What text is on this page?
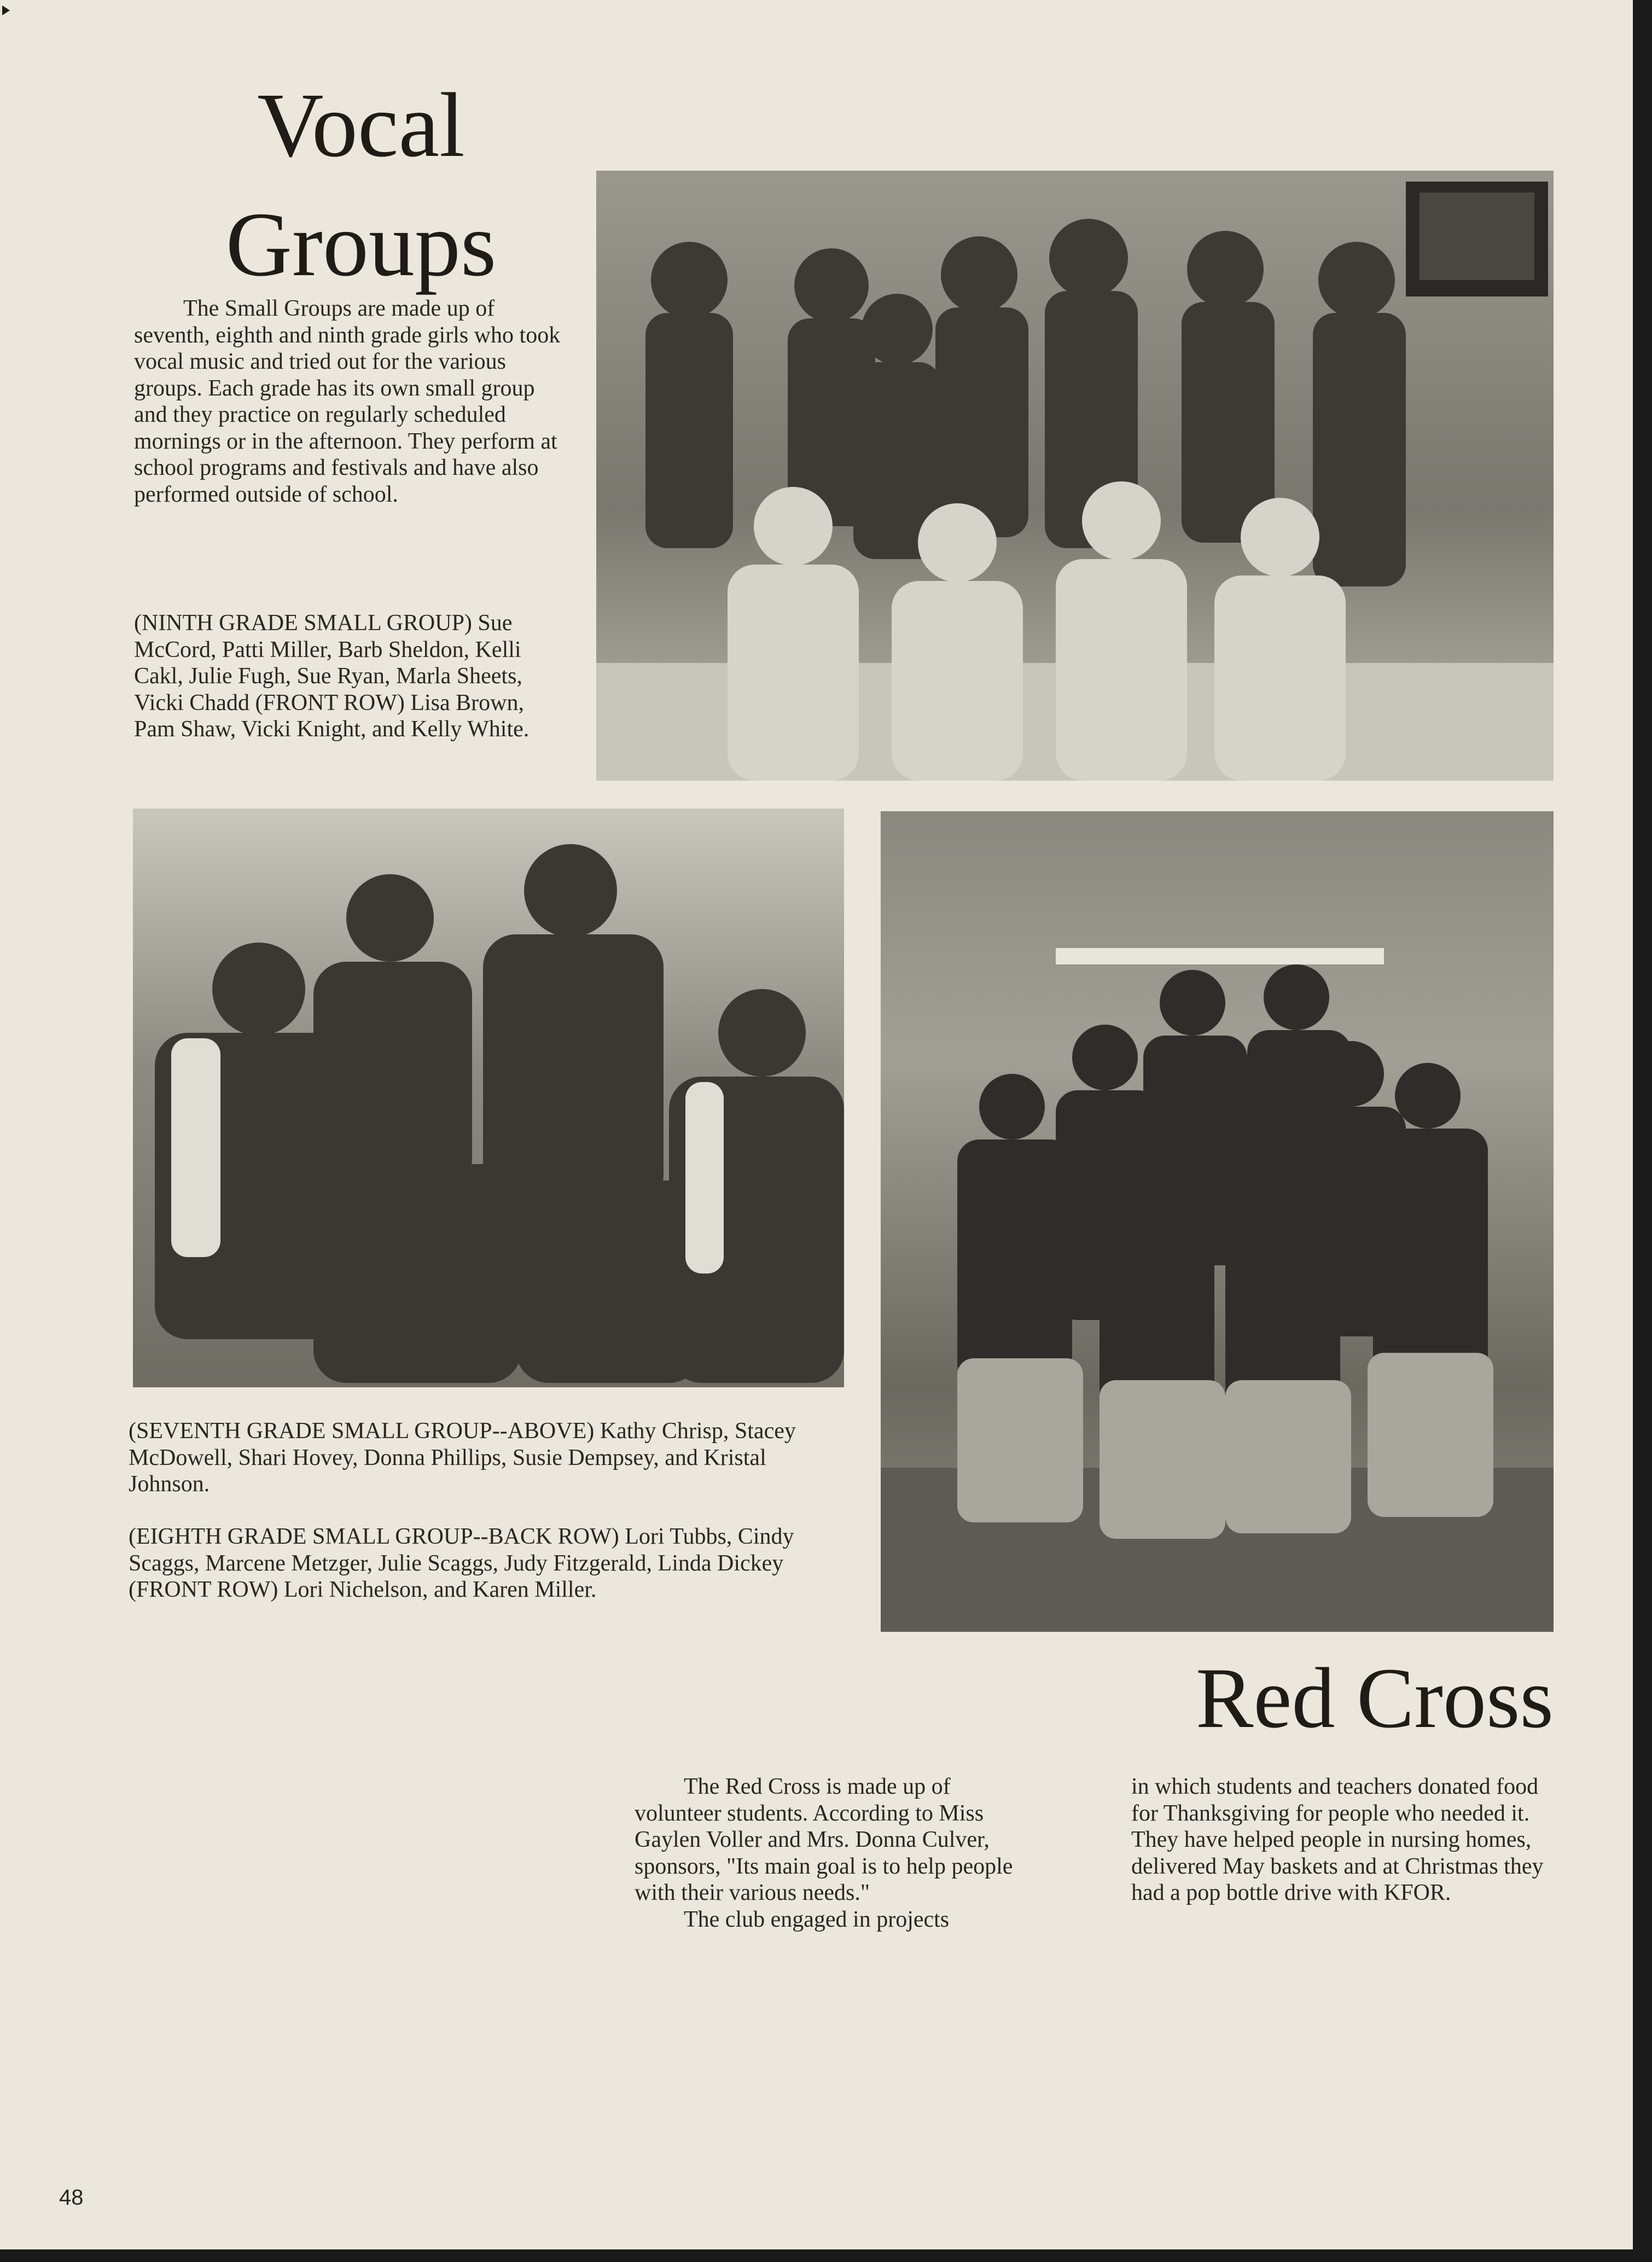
Vocal
Groups

The Small Groups are made up of seventh, eighth and ninth grade girls who took vocal music and tried out for the various groups. Each grade has its own small group and they practice on regularly scheduled mornings or in the afternoon. They perform at school programs and festivals and have also performed outside of school.

(NINTH GRADE SMALL GROUP) Sue McCord, Patti Miller, Barb Sheldon, Kelli Cakl, Julie Fugh, Sue Ryan, Marla Sheets, Vicki Chadd (FRONT ROW) Lisa Brown, Pam Shaw, Vicki Knight, and Kelly White.

(SEVENTH GRADE SMALL GROUP--ABOVE) Kathy Chrisp, Stacey McDowell, Shari Hovey, Donna Phillips, Susie Dempsey, and Kristal Johnson.

(EIGHTH GRADE SMALL GROUP--BACK ROW) Lori Tubbs, Cindy Scaggs, Marcene Metzger, Julie Scaggs, Judy Fitzgerald, Linda Dickey (FRONT ROW) Lori Nichelson, and Karen Miller.

Red Cross

The Red Cross is made up of volunteer students. According to Miss Gaylen Voller and Mrs. Donna Culver, sponsors, "Its main goal is to help people with their various needs."

The club engaged in projects

in which students and teachers donated food for Thanksgiving for people who needed it. They have helped people in nursing homes, delivered May baskets and at Christmas they had a pop bottle drive with KFOR.

48
